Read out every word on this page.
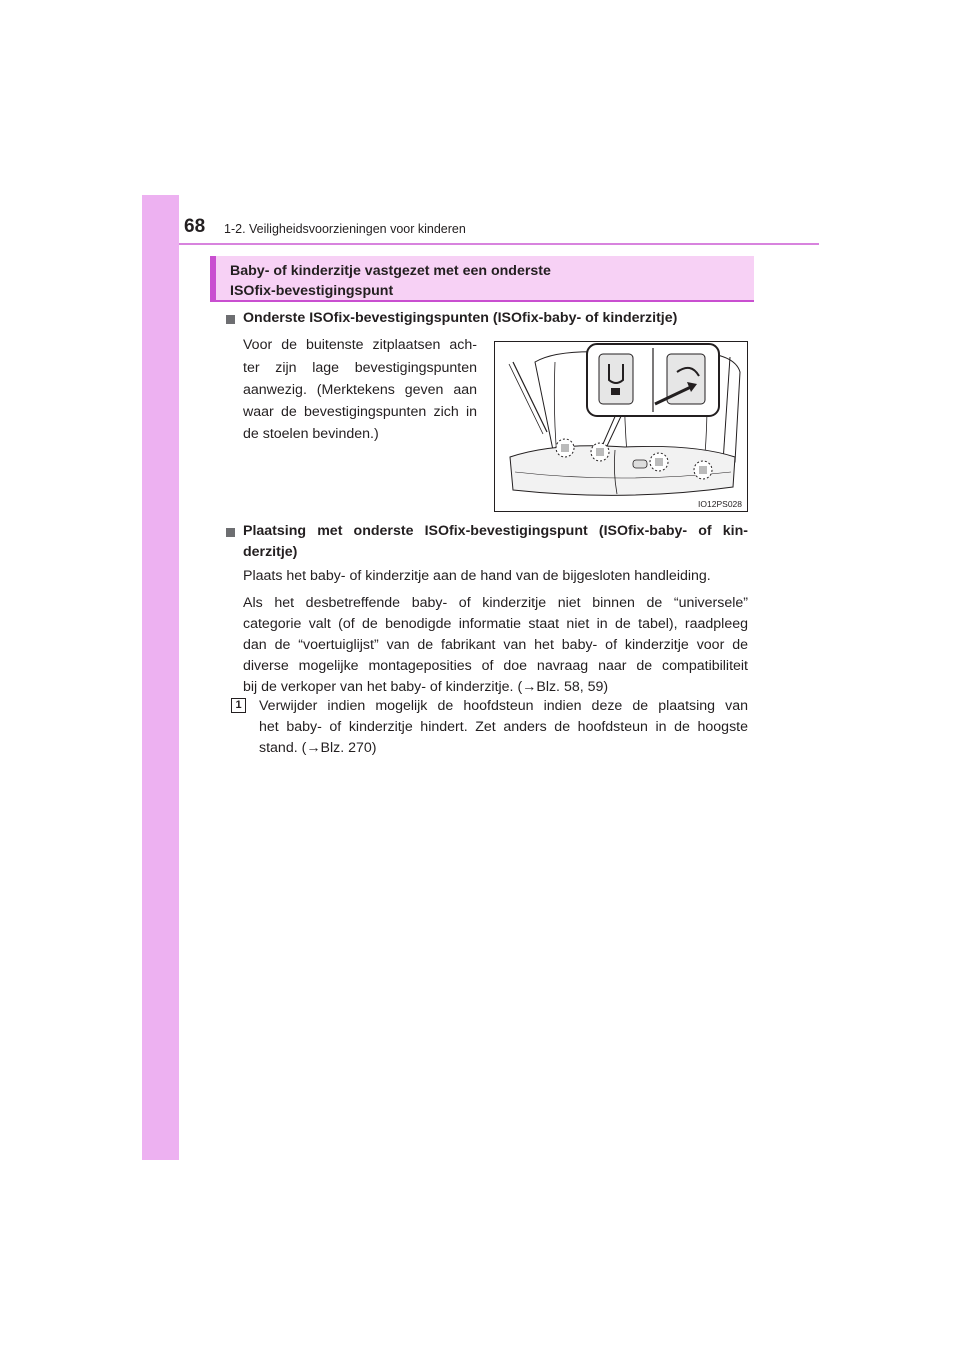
68 1-2. Veiligheidsvoorzieningen voor kinderen
Baby- of kinderzitje vastgezet met een onderste
ISOfix-bevestigingspunt
Onderste ISOfix-bevestigingspunten (ISOfix-baby- of kinderzitje)
Voor de buitenste zitplaatsen ach-
ter zijn lage bevestigingspunten
aanwezig. (Merktekens geven aan
waar de bevestigingspunten zich in
de stoelen bevinden.)
IO12PS028
Plaatsing met onderste ISOfix-bevestigingspunt (ISOfix-baby- of kin-
derzitje)
Plaats het baby- of kinderzitje aan de hand van de bijgesloten handleiding.
Als het desbetreffende baby- of kinderzitje niet binnen de “universele”
categorie valt (of de benodigde informatie staat niet in de tabel), raadpleeg
dan de “voertuiglijst” van de fabrikant van het baby- of kinderzitje voor de
diverse mogelijke montageposities of doe navraag naar de compatibiliteit
bij de verkoper van het baby- of kinderzitje. (→Blz. 58, 59)
1	Verwijder indien mogelijk de hoofdsteun indien deze de plaatsing van
het baby- of kinderzitje hindert. Zet anders de hoofdsteun in de hoogste
stand. (→Blz. 270)
